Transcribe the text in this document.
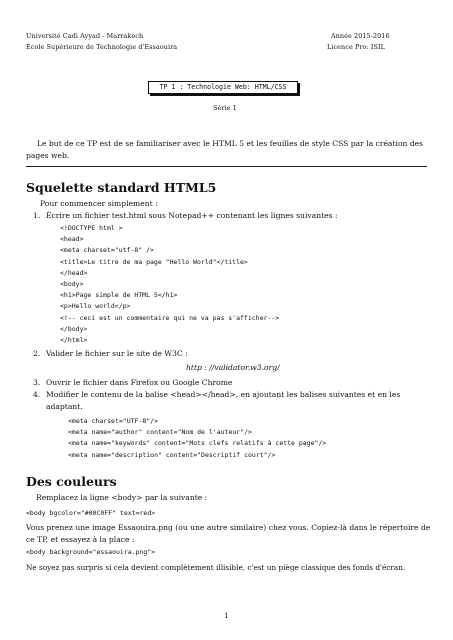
Université Cadi Ayyad - Marrakech
École Supérieure de Technologie d'Essaouira
Année 2015-2016
Licence Pro: ISIL
TP 1 : Technologie Web: HTML/CSS
Série 1
Le but de ce TP est de se familiariser avec le HTML 5 et les feuilles de style CSS par la création des pages web.
Squelette standard HTML5
Pour commencer simplement :
1. Écrire un fichier test.html sous Notepad++ contenant les lignes suivantes :
<!DOCTYPE html >
<head>
<meta charset="utf-8" />
<title>Le titre de ma page "Hello World"</title>
</head>
<body>
<h1>Page simple de HTML 5</h1>
<p>Hello world</p>
<!-- ceci est un commentaire qui ne va pas s'afficher-->
</body>
</html>
2. Valider le fichier sur le site de W3C :
http : //validator.w3.org/
3. Ouvrir le fichier dans Firefox ou Google Chrome
4. Modifier le contenu de la balise <head></head>, en ajoutant les balises suivantes et en les adaptant.
<meta charset="UTF-8"/>
<meta name="author" content="Nom de l'auteur"/>
<meta name="keywords" content="Mots clefs relatifs à cette page"/>
<meta name="description" content="Descriptif court"/>
Des couleurs
Remplacez la ligne <body> par la suivante :
<body bgcolor="#00C0FF" text=red>
Vous prenez une image Essaouira.png (ou une autre similaire) chez vous. Copiez-là dans le répertoire de ce TP, et essayez à la place :
<body background="essaouira.png">
Ne soyez pas surpris si cela devient complètement illisible, c'est un piège classique des fonds d'écran.
1
